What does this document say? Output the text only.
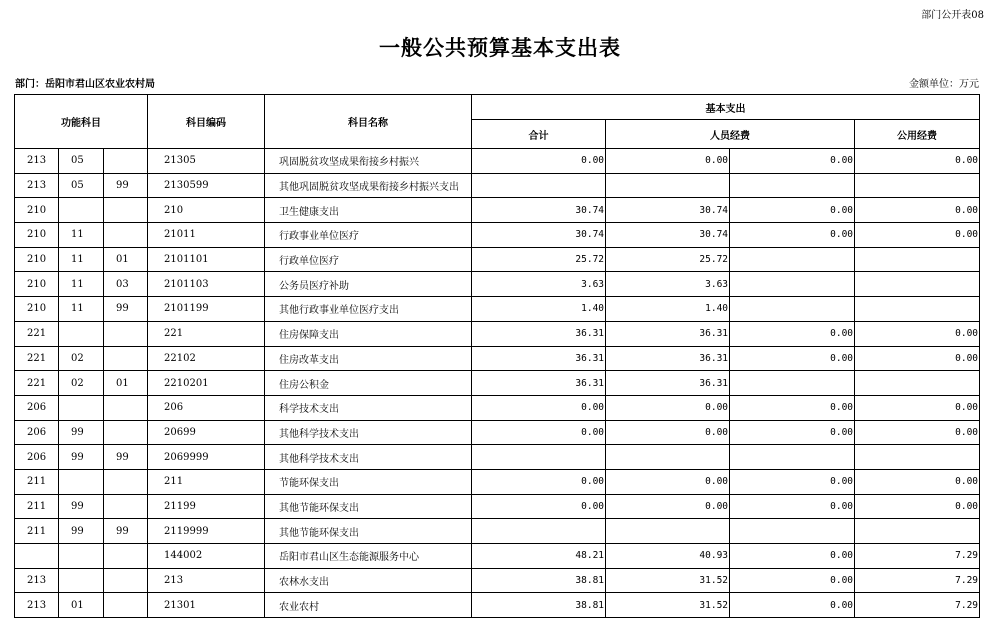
部门公开表08
一般公共预算基本支出表
部门：岳阳市君山区农业农村局	金额单位：万元
功能科目			科目编码	科目名称	基本支出			
					合计	人员经费		公用经费
213	05		21305	巩固脱贫攻坚成果衔接乡村振兴	0.00	0.00	0.00	0.00
213	05	99	2130599	其他巩固脱贫攻坚成果衔接乡村振兴支出				
210			210	卫生健康支出	30.74	30.74	0.00	0.00
210	11		21011	行政事业单位医疗	30.74	30.74	0.00	0.00
210	11	01	2101101	行政单位医疗	25.72	25.72		
210	11	03	2101103	公务员医疗补助	3.63	3.63		
210	11	99	2101199	其他行政事业单位医疗支出	1.40	1.40		
221			221	住房保障支出	36.31	36.31	0.00	0.00
221	02		22102	住房改革支出	36.31	36.31	0.00	0.00
221	02	01	2210201	住房公积金	36.31	36.31		
206			206	科学技术支出	0.00	0.00	0.00	0.00
206	99		20699	其他科学技术支出	0.00	0.00	0.00	0.00
206	99	99	2069999	其他科学技术支出				
211			211	节能环保支出	0.00	0.00	0.00	0.00
211	99		21199	其他节能环保支出	0.00	0.00	0.00	0.00
211	99	99	2119999	其他节能环保支出				
			144002	岳阳市君山区生态能源服务中心	48.21	40.93	0.00	7.29
213			213	农林水支出	38.81	31.52	0.00	7.29
213	01		21301	农业农村	38.81	31.52	0.00	7.29
